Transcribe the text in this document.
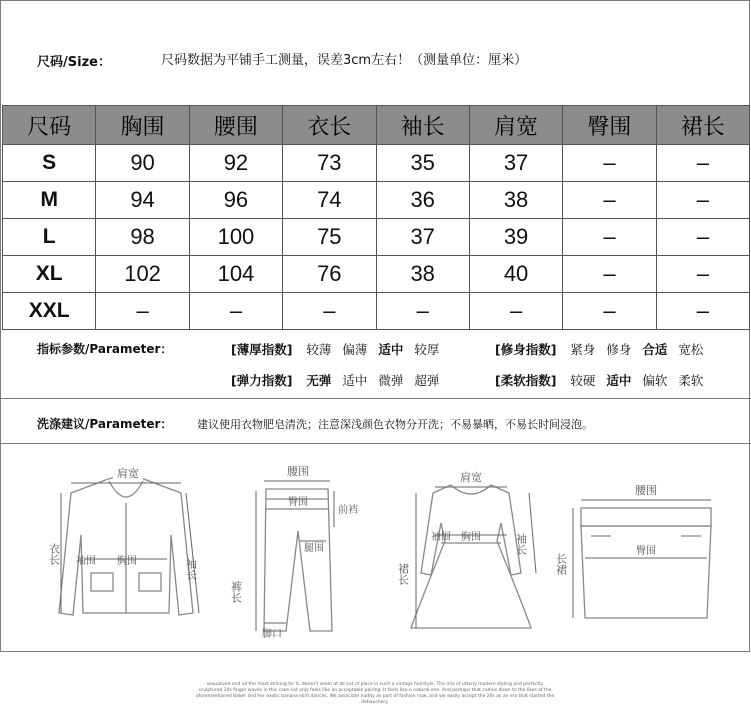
尺码/Size：	尺码数据为平铺手工测量，误差3cm左右！（测量单位：厘米）
尺码	胸围	腰围	衣长	袖长	肩宽	臀围	裙长
S	90	92	73	35	37	–	–
M	94	96	74	36	38	–	–
L	98	100	75	37	39	–	–
XL	102	104	76	38	40	–	–
XXL	–	–	–	–	–	–	–
指标参数/Parameter：	[薄厚指数] 较薄 偏薄 适中 较厚	[修身指数] 紧身 修身 合适 宽松
[弹力指数] 无弹 适中 微弹 超弹	[柔软指数] 较硬 适中 偏软 柔软
洗涤建议/Parameter： 建议使用衣物肥皂清洗；注意深浅颜色衣物分开洗；不易暴晒，不易长时间浸泡。
肩宽
衣长 袖围 胸围	袖长
腰围
臀围
前裆
腿围
裤长
脚口
肩宽
袖围 胸围	袖长
裙长
腰围
臀围
长裙
sexualized and all the most striking for it. doesn't seem at all out of place in such a vintage hairstyle. The mix of utterly modern styling and perfectly sculptured 20s finger waves in this case not only feels like an acceptable pairing. It feels like a natural one. And perhaps that comes down to the likes of the aforementioned Baker and her exotic banana skirt dances. We associate nudity as part of fashion now, and we easily accept the 20s as an era that started the debauchery.
